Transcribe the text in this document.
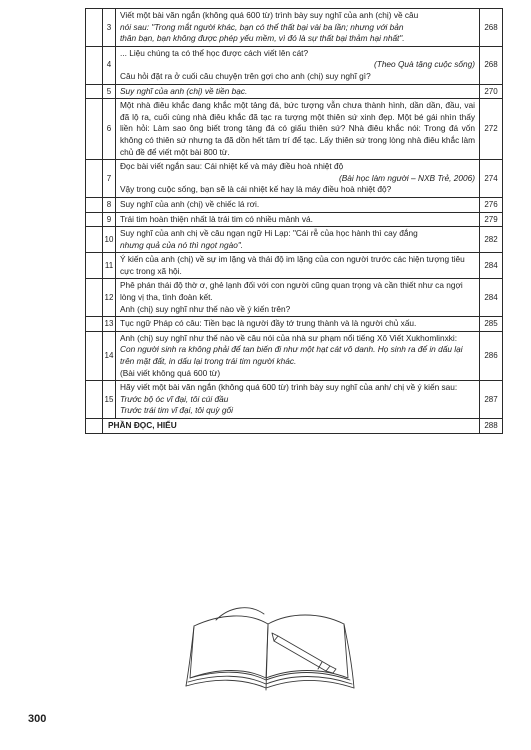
	3	Viết một bài văn ngắn (không quá 600 từ) trình bày suy nghĩ của anh (chị) về câu
nói sau: "Trong mắt người khác, bạn có thể thất bại vài ba lần; nhưng với bản
thân bạn, bạn không được phép yếu mềm, vì đó là sự thất bại thảm hại nhất".	268
	4	... Liệu chúng ta có thể học được cách viết lên cát?
(Theo Quà tặng cuộc sống)
Câu hỏi đặt ra ở cuối câu chuyện trên gợi cho anh (chị) suy nghĩ gì?	268
	5	Suy nghĩ của anh (chị) về tiền bạc.	270
	6	Một nhà điêu khắc đang khắc một tảng đá, bức tượng vẫn chưa thành hình, dần dần, đầu, vai đã lộ ra, cuối cùng nhà điêu khắc đã tạc ra tượng một thiên sứ xinh đẹp. Một bé gái nhìn thấy liền hỏi: Làm sao ông biết trong tảng đá có giấu thiên sứ? Nhà điêu khắc nói: Trong đá vốn không có thiên sứ nhưng ta đã dồn hết tâm trí để tạc. Lấy thiên sứ trong lòng nhà điêu khắc làm chủ đề để viết một bài 800 từ.	272
	7	Đọc bài viết ngắn sau: Cái nhiệt kế và máy điều hoà nhiệt độ
(Bài học làm người – NXB Trẻ, 2006)
Vậy trong cuộc sống, bạn sẽ là cái nhiệt kế hay là máy điều hoà nhiệt độ?	274
	8	Suy nghĩ của anh (chị) về chiếc lá rơi.	276
	9	Trái tim hoàn thiện nhất là trái tim có nhiều mảnh vá.	279
	10	Suy nghĩ của anh chị về câu ngạn ngữ Hi Lạp: "Cái rễ của học hành thì cay đắng
nhưng quả của nó thì ngọt ngào".	282
	11	Ý kiến của anh (chị) về sự im lặng và thái độ im lặng của con người trước các hiện tượng tiêu cực trong xã hội.	284
	12	Phê phán thái độ thờ ơ, ghẻ lạnh đối với con người cũng quan trọng và cần thiết như ca ngợi lòng vị tha, tình đoàn kết.
Anh (chị) suy nghĩ như thế nào về ý kiến trên?	284
	13	Tục ngữ Pháp có câu: Tiền bạc là người đầy tớ trung thành và là người chủ xấu.	285
	14	Anh (chị) suy nghĩ như thế nào về câu nói của nhà sư phạm nổi tiếng Xô Viết Xukhomlinxki:
Con người sinh ra không phải để tan biến đi như một hạt cát vô danh. Họ sinh ra để in dấu lại trên mặt đất, in dấu lại trong trái tim người khác.
(Bài viết không quá 600 từ)	286
	15	Hãy viết một bài văn ngắn (không quá 600 từ) trình bày suy nghĩ của anh/ chị về ý kiến sau:
Trước bộ óc vĩ đại, tôi cúi đầu
Trước trái tim vĩ đại, tôi quỳ gối	287
	PHẦN ĐỌC, HIỂU		288
300
